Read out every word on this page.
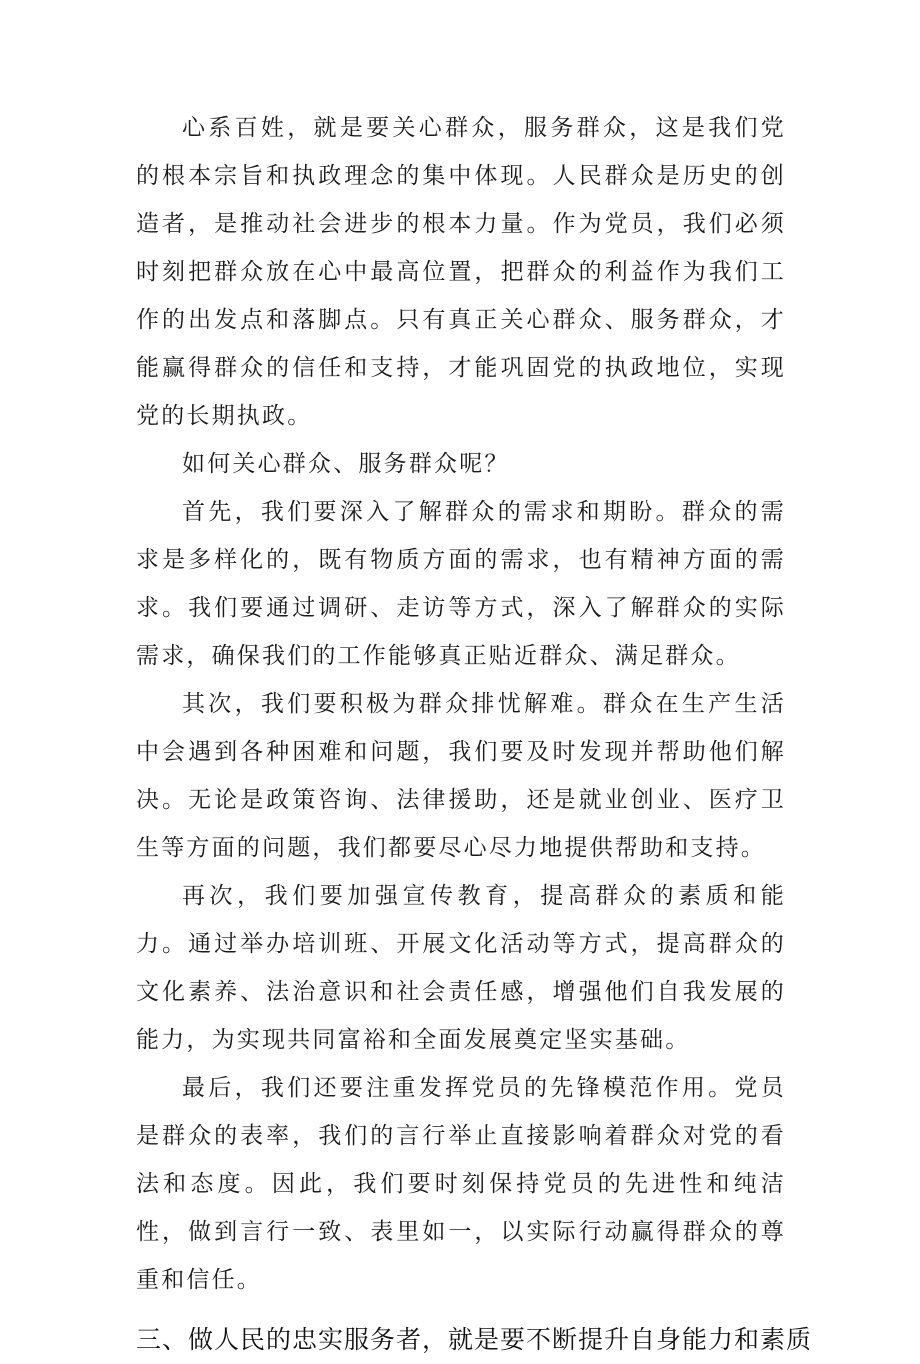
心系百姓，就是要关心群众，服务群众，这是我们党的根本宗旨和执政理念的集中体现。人民群众是历史的创造者，是推动社会进步的根本力量。作为党员，我们必须时刻把群众放在心中最高位置，把群众的利益作为我们工作的出发点和落脚点。只有真正关心群众、服务群众，才能赢得群众的信任和支持，才能巩固党的执政地位，实现党的长期执政。

如何关心群众、服务群众呢？

首先，我们要深入了解群众的需求和期盼。群众的需求是多样化的，既有物质方面的需求，也有精神方面的需求。我们要通过调研、走访等方式，深入了解群众的实际需求，确保我们的工作能够真正贴近群众、满足群众。

其次，我们要积极为群众排忧解难。群众在生产生活中会遇到各种困难和问题，我们要及时发现并帮助他们解决。无论是政策咨询、法律援助，还是就业创业、医疗卫生等方面的问题，我们都要尽心尽力地提供帮助和支持。

再次，我们要加强宣传教育，提高群众的素质和能力。通过举办培训班、开展文化活动等方式，提高群众的文化素养、法治意识和社会责任感，增强他们自我发展的能力，为实现共同富裕和全面发展奠定坚实基础。

最后，我们还要注重发挥党员的先锋模范作用。党员是群众的表率，我们的言行举止直接影响着群众对党的看法和态度。因此，我们要时刻保持党员的先进性和纯洁性，做到言行一致、表里如一，以实际行动赢得群众的尊重和信任。

三、做人民的忠实服务者，就是要不断提升自身能力和素质
